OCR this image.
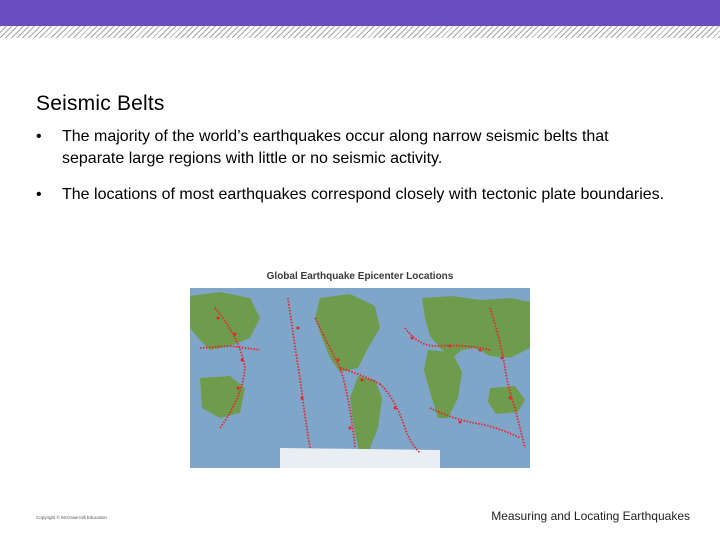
Seismic Belts
•	The majority of the world’s earthquakes occur along narrow seismic belts that separate large regions with little or no seismic activity.
•	The locations of most earthquakes correspond closely with tectonic plate boundaries.
Global Earthquake Epicenter Locations
Copyright © McGraw-Hill Education	Measuring and Locating Earthquakes
